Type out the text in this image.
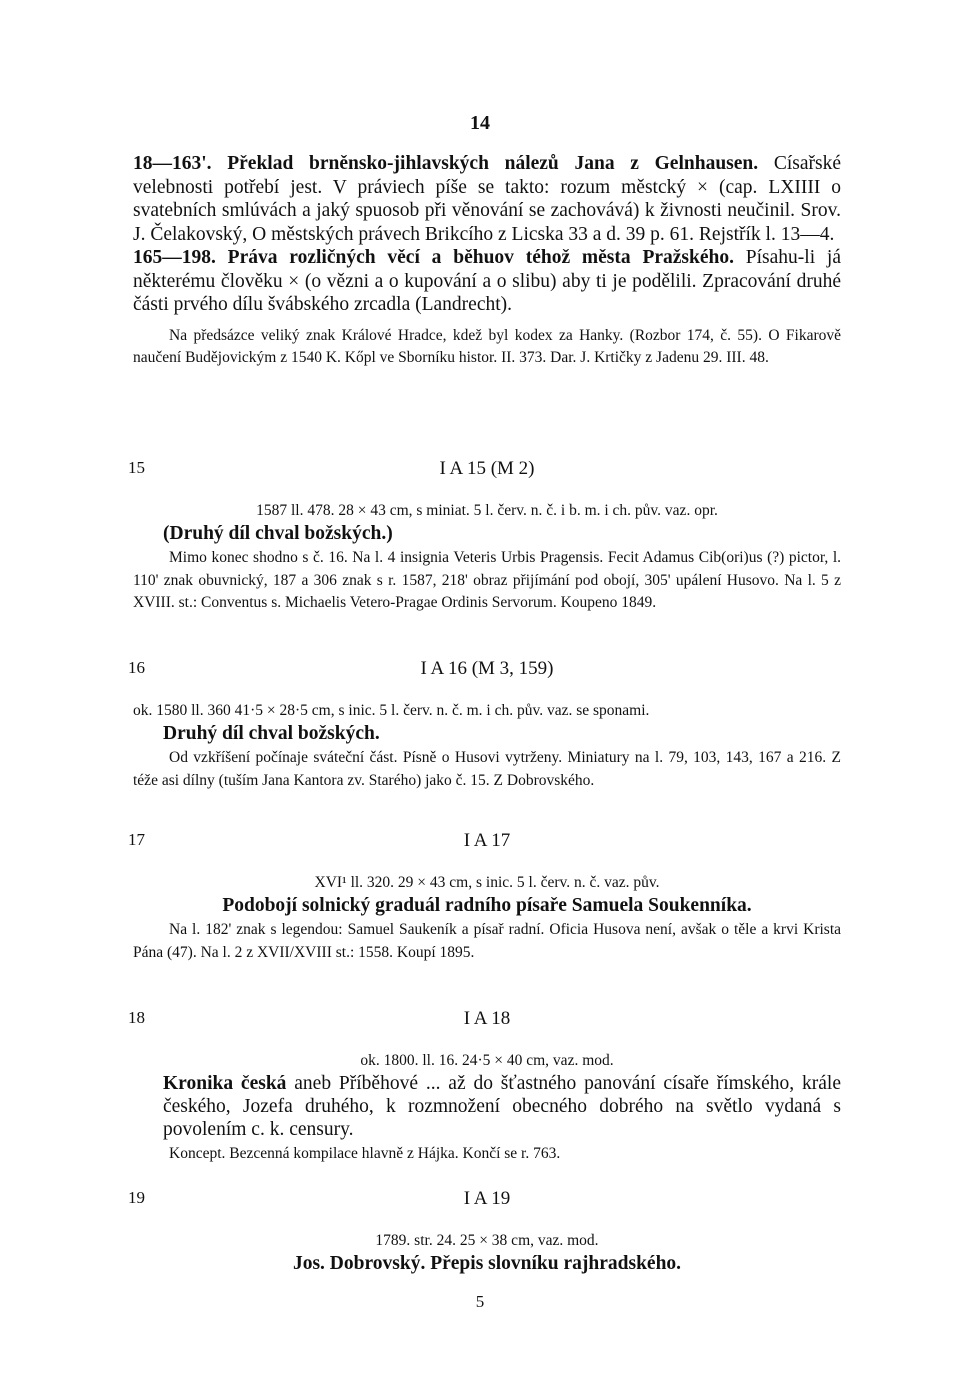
14

18—163'. Překlad brněnsko-jihlavských nálezů Jana z Gelnhausen. Císařské velebnosti potřebí jest. V práviech píše se takto: rozum městcký × (cap. LXIIII o svatebních smlúvách a jaký spuosob při věnování se zachovává) k živnosti neučinil. Srov. J. Čelakovský, O městských právech Brikcího z Licska 33 a d. 39 p. 61. Rejstřík l. 13—4.

165—198. Práva rozličných věcí a běhuov téhož města Pražského. Písahu-li já některému člověku × (o vězni a o kupování a o slibu) aby ti je podělili. Zpracování druhé části prvého dílu švábského zrcadla (Landrecht).

Na předsázce veliký znak Králové Hradce, kdež byl kodex za Hanky. (Rozbor 174, č. 55). O Fikarově naučení Budějovickým z 1540 K. Kőpl ve Sborníku histor. II. 373. Dar. J. Krtičky z Jadenu 29. III. 48.

15	I A 15 (M 2)

1587 ll. 478. 28 × 43 cm, s miniat. 5 l. červ. n. č. i b. m. i ch. pův. vaz. opr.

(Druhý díl chval božských.)

Mimo konec shodno s č. 16. Na l. 4 insignia Veteris Urbis Pragensis. Fecit Adamus Cib(ori)us (?) pictor, l. 110' znak obuvnický, 187 a 306 znak s r. 1587, 218' obraz přijímání pod obojí, 305' upálení Husovo. Na l. 5 z XVIII. st.: Conventus s. Michaelis Vetero-Pragae Ordinis Servorum. Koupeno 1849.

16	I A 16 (M 3, 159)

ok. 1580 ll. 360 41·5 × 28·5 cm, s inic. 5 l. červ. n. č. m. i ch. pův. vaz. se sponami.

Druhý díl chval božských.

Od vzkříšení počínaje sváteční část. Písně o Husovi vytrženy. Miniatury na l. 79, 103, 143, 167 a 216. Z téže asi dílny (tuším Jana Kantora zv. Starého) jako č. 15. Z Dobrovského.

17	I A 17

XVI¹ ll. 320. 29 × 43 cm, s inic. 5 l. červ. n. č. vaz. pův.

Podobojí solnický graduál radního písaře Samuela Soukenníka.

Na l. 182' znak s legendou: Samuel Saukeník a písař radní. Oficia Husova není, avšak o těle a krvi Krista Pána (47). Na l. 2 z XVII/XVIII st.: 1558. Koupí 1895.

18	I A 18

ok. 1800. ll. 16. 24·5 × 40 cm, vaz. mod.

Kronika česká aneb Příběhové ... až do šťastného panování císaře římského, krále českého, Jozefa druhého, k rozmnožení obecného dobrého na světlo vydaná s povolením c. k. censury.

Koncept. Bezcenná kompilace hlavně z Hájka. Končí se r. 763.

19	I A 19

1789. str. 24. 25 × 38 cm, vaz. mod.

Jos. Dobrovský. Přepis slovníku rajhradského.

5
